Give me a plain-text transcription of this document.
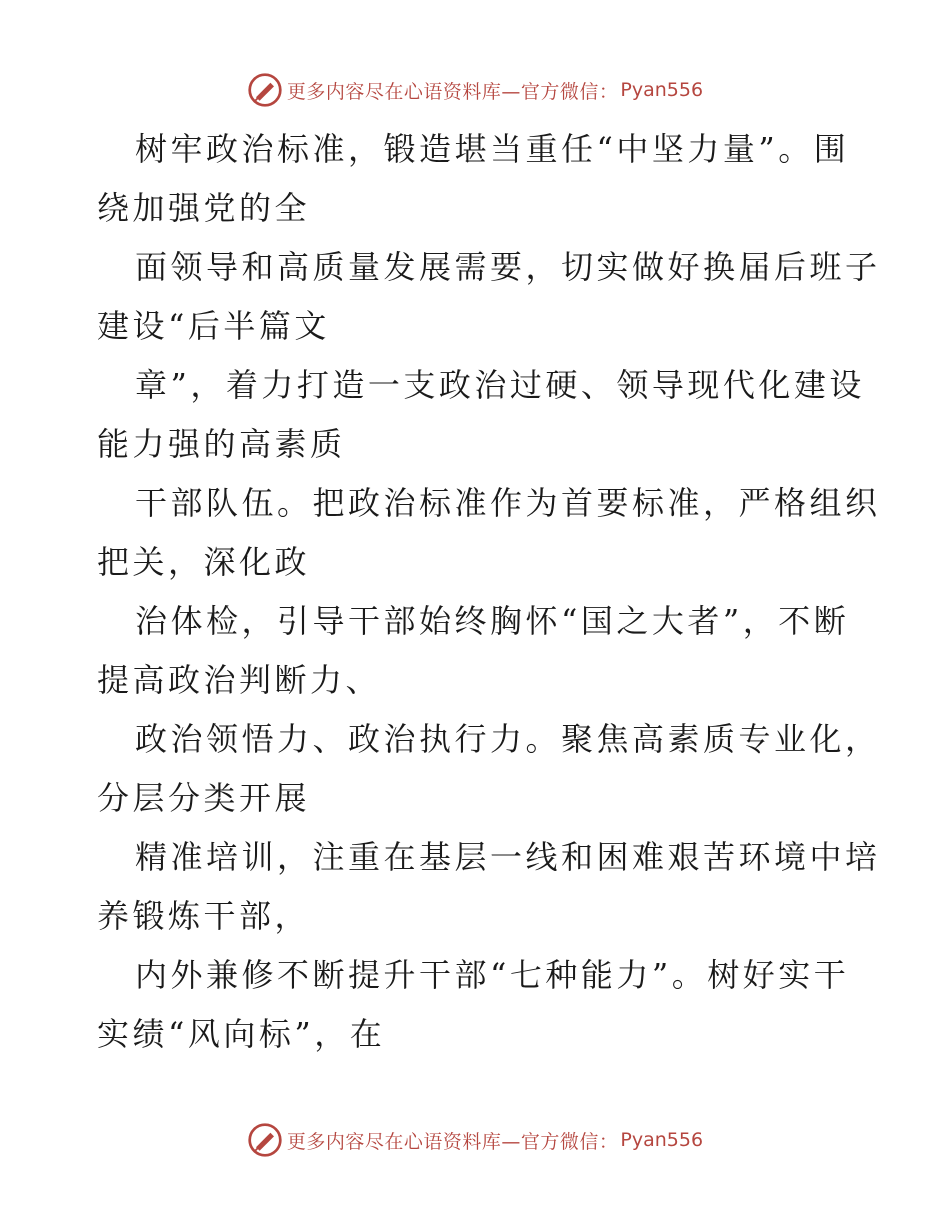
更多内容尽在心语资料库—官方微信： Pyan556

树牢政治标准，锻造堪当重任“中坚力量”。围

绕加强党的全

面领导和高质量发展需要，切实做好换届后班子

建设“后半篇文

章”，着力打造一支政治过硬、领导现代化建设

能力强的高素质

干部队伍。把政治标准作为首要标准，严格组织

把关，深化政

治体检，引导干部始终胸怀“国之大者”，不断

提高政治判断力、

政治领悟力、政治执行力。聚焦高素质专业化，

分层分类开展

精准培训，注重在基层一线和困难艰苦环境中培

养锻炼干部，

内外兼修不断提升干部“七种能力”。树好实干

实绩“风向标”，在

更多内容尽在心语资料库—官方微信： Pyan556
